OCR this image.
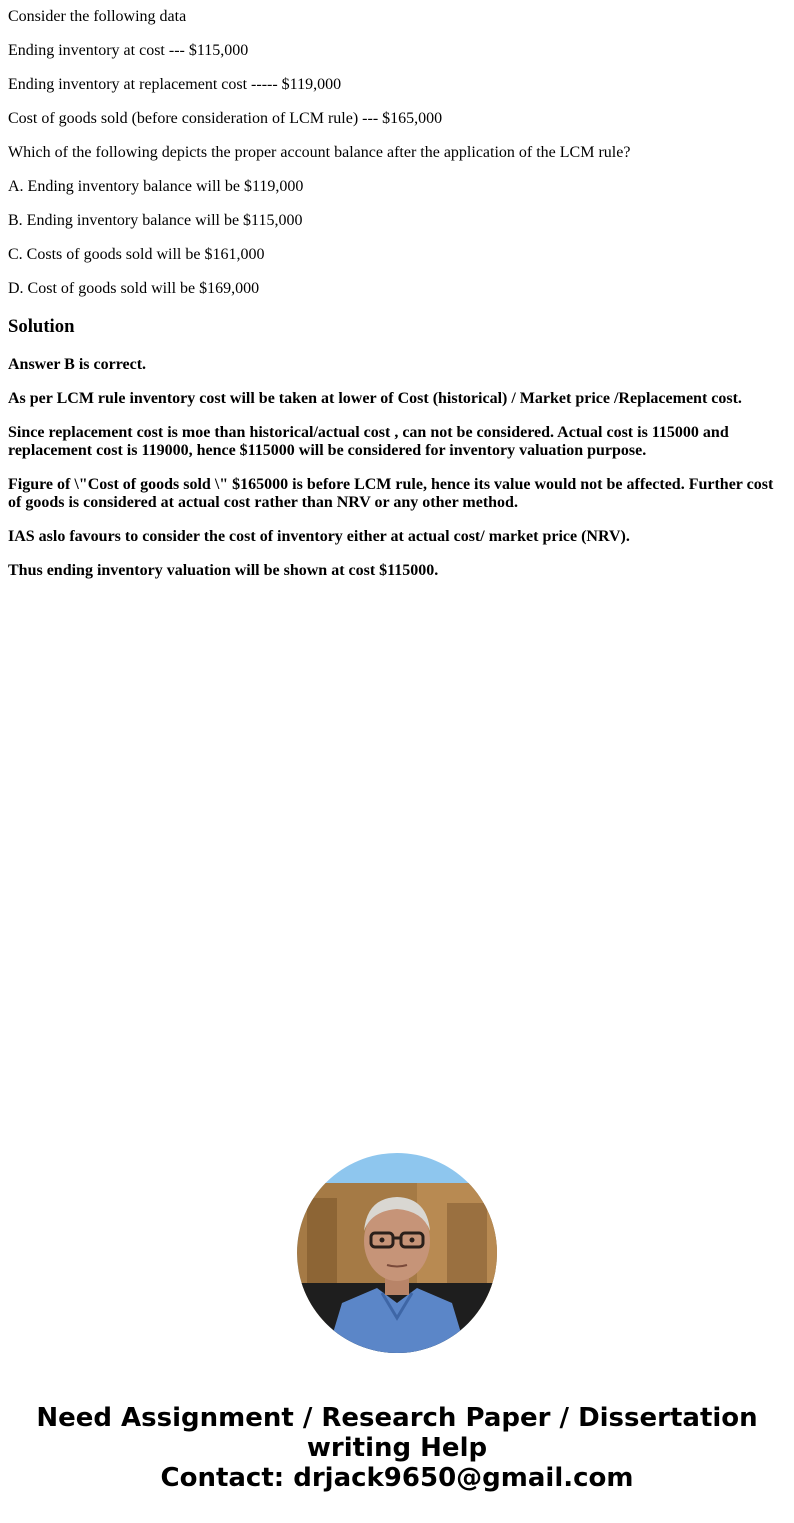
Consider the following data

Ending inventory at cost --- $115,000

Ending inventory at replacement cost ----- $119,000

Cost of goods sold (before consideration of LCM rule) --- $165,000

Which of the following depicts the proper account balance after the application of the LCM rule?

A. Ending inventory balance will be $119,000

B. Ending inventory balance will be $115,000

C. Costs of goods sold will be $161,000

D. Cost of goods sold will be $169,000

Solution

Answer B is correct.

As per LCM rule inventory cost will be taken at lower of Cost (historical) / Market price /Replacement cost.

Since replacement cost is moe than historical/actual cost , can not be considered. Actual cost is 115000 and replacement cost is 119000, hence $115000 will be considered for inventory valuation purpose.

Figure of \"Cost of goods sold \" $165000 is before LCM rule, hence its value would not be affected. Further cost of goods is considered at actual cost rather than NRV or any other method.

IAS aslo favours to consider the cost of inventory either at actual cost/ market price (NRV).

Thus ending inventory valuation will be shown at cost $115000.

Need Assignment / Research Paper / Dissertation
writing Help
Contact: drjack9650@gmail.com
